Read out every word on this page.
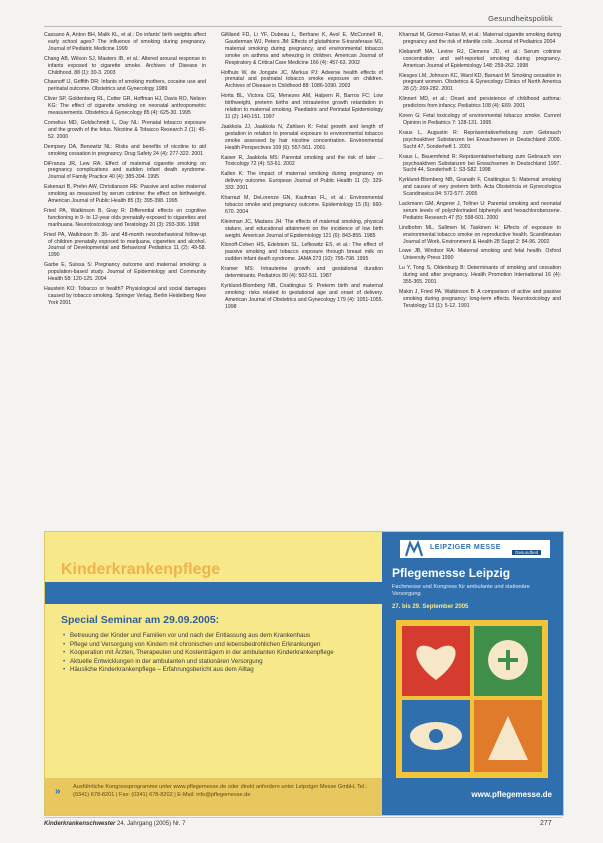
Gesundheitspolitik

Cassano A, Anton BH, Malik KL, et al.: Do infants' birth weights affect early school ages? The influence of smoking during pregnancy. Journal of Pediatric Medicine 1999

Chang AB, Wilson SJ, Masters IB, et al.: Altered arousal response in infants exposed to cigarette smoke. Archives of Disease in Childhood. 88 (1): 30-3. 2003

Chasnoff IJ, Griffith DR: Infants of smoking mothers, cocaine use and perinatal outcome. Obstetrics and Gynecology 1989

Cliver SP, Goldenberg RL, Cutter GR, Hoffman HJ, Davis RO, Nelson KG: The effect of cigarette smoking on neonatal anthropometric measurements. Obstetrics & Gynecology 85 (4): 625-30. 1995

Cornelius MD, Goldschmidt L, Day NL: Prenatal tobacco exposure and the growth of the fetus. Nicotine & Tobacco Research 2 (1): 45-52. 2000

Dempsey DA, Benowitz NL: Risks and benefits of nicotine to aid smoking cessation in pregnancy. Drug Safety 24 (4): 277-322. 2001

DiFranza JR, Lew RA: Effect of maternal cigarette smoking on pregnancy complications and sudden infant death syndrome. Journal of Family Practice 40 (4): 385-394. 1995

Eskenazi B, Prehn AW, Christianson RE: Passive and active maternal smoking as measured by serum cotinine: the effect on birthweight. American Journal of Public Health 85 (3): 395-398. 1995

Fried PA, Watkinson B, Gray R: Differential effects on cognitive functioning in 9- to 12-year olds prenatally exposed to cigarettes and marihuana. Neurotoxicology and Teratology 20 (3): 293-306. 1998

Fried PA, Watkinson B: 36- and 48-month neurobehavioral follow-up of children prenatally exposed to marijuana, cigarettes and alcohol. Journal of Developmental and Behavioral Pediatrics 11 (2): 49-58. 1990

Garbe E, Suissa S: Pregnancy outcome and maternal smoking: a population-based study. Journal of Epidemiology and Community Health 58: 120-125. 2004

Haustein KO: Tobacco or health? Physiological and social damages caused by tobacco smoking. Springer Verlag, Berlin Heidelberg New York 2001

Gilliland FD, Li YF, Dubeau L, Berhane K, Avol E, McConnell R, Gauderman WJ, Peters JM: Effects of glutathione S-transferase M1, maternal smoking during pregnancy, and environmental tobacco smoke on asthma and wheezing in children. American Journal of Respiratory & Critical Care Medicine 166 (4): 457-63. 2002

Hofhuis W, de Jongste JC, Merkus PJ: Adverse health effects of prenatal and postnatal tobacco smoke exposure on children. Archives of Disease in Childhood 88: 1086-1090. 2003

Horta BL, Victora CG, Menezes AM, Halpern R, Barros FC: Low birthweight, preterm births and intrauterine growth retardation in relation to maternal smoking. Paediatric and Perinatal Epidemiology 11 (2): 140-151. 1997

Jaakkola JJ, Jaakkola N, Zahlsen K: Fetal growth and length of gestation in relation to prenatal exposure to environmental tobacco smoke assessed by hair nicotine concentration. Environmental Health Perspectives 109 (6): 557-561. 2001

Kaiser R, Jaakkola MS: Parental smoking and the risk of later ... Toxicology 72 (4): 53-61. 2002

Kallen K: The impact of maternal smoking during pregnancy on delivery outcome. European Journal of Public Health 11 (3): 329-333. 2001

Kharrazi M, DeLorenze GN, Kaufman FL, et al.: Environmental tobacco smoke and pregnancy outcome. Epidemiology 15 (6): 660-670. 2004

Kleinman JC, Madans JH: The effects of maternal smoking, physical stature, and educational attainment on the incidence of low birth weight. American Journal of Epidemiology 121 (6): 843-855. 1985

Klonoff-Cohen HS, Edelstein SL, Lefkowitz ES, et al.: The effect of passive smoking and tobacco exposure through breast milk on sudden infant death syndrome. JAMA 273 (10): 795-798. 1995

Kramer MS: Intrauterine growth and gestational duration determinants. Pediatrics 80 (4): 502-511. 1987

Kyrklund-Blomberg NB, Cnattingius S: Preterm birth and maternal smoking: risks related to gestational age and onset of delivery. American Journal of Obstetrics and Gynecology 179 (4): 1051-1055. 1998

Kharrazi M, Gomez-Farias M, et al.: Maternal cigarette smoking during pregnancy and the risk of infantile colic. Journal of Pediatrics 2004

Klebanoff MA, Levine RJ, Clemens JD, et al.: Serum cotinine concentration and self-reported smoking during pregnancy. American Journal of Epidemiology 148: 259-262. 1998

Klesges LM, Johnson KC, Ward KD, Barnard M: Smoking cessation in pregnant women. Obstetrics & Gynecology Clinics of North America 28 (2): 269-282. 2001

Klinnert MD, et al.: Onset and persistence of childhood asthma: predictors from infancy. Pediatrics 108 (4): E69. 2001

Koren G: Fetal toxicology of environmental tobacco smoke. Current Opinion in Pediatrics 7: 128-131. 1995

Kraus L, Augustin R: Repräsentativerhebung zum Gebrauch psychoaktiver Substanzen bei Erwachsenen in Deutschland 2000. Sucht 47, Sonderheft 1. 2001

Kraus L, Bauernfeind R: Repräsentativerhebung zum Gebrauch von psychoaktiven Substanzen bei Erwachsenen in Deutschland 1997. Sucht 44, Sonderheft 1: S3-S82. 1998

Kyrklund-Blomberg NB, Granath F, Cnattingius S: Maternal smoking and causes of very preterm birth. Acta Obstetricia et Gynecologica Scandinavica 84: 572-577. 2005

Lackmann GM, Angerer J, Tollner U: Parental smoking and neonatal serum levels of polychlorinated biphenyls and hexachlorobenzene. Pediatric Research 47 (5): 598-601. 2000

Lindbohm ML, Sallmen M, Taskinen H: Effects of exposure to environmental tobacco smoke on reproductive health. Scandinavian Journal of Work, Environment & Health 28 Suppl 2: 84-96. 2002

Lowe JB, Windsor RA: Maternal smoking and fetal health. Oxford University Press 1990

Lu Y, Tong S, Oldenburg B: Determinants of smoking and cessation during and after pregnancy. Health Promotion International 16 (4): 355-365. 2001

Makin J, Fried PA, Watkinson B: A comparison of active and passive smoking during pregnancy: long-term effects. Neurotoxicology and Teratology 13 (1): 5-12. 1991

Kinderkrankenpflege
Special Seminar am 29.09.2005:
• Betreuung der Kinder und Familien vor und nach der Entlassung aus dem Krankenhaus
• Pflege und Versorgung von Kindern mit chronischen und lebensbedrohlichen Erkrankungen
• Kooperation mit Ärzten, Therapeuten und Kostenträgern in der ambulanten Kinderkrankenpflege
• Aktuelle Entwicklungen in der ambulanten und stationären Versorgung
• Häusliche Kinderkrankenpflege – Erfahrungsbericht aus dem Alltag
» Ausführliche Kongressprogramme unter www.pflegemesse.de oder direkt anfordern unter Leipziger Messe GmbH, Tel.: (0341) 678-8201 | Fax: (0341) 678-8202 | E-Mail: info@pflegemesse.de
LEIPZIGER MESSE
Gesundheit
Pflegemesse Leipzig
Fachmesse und Kongress für ambulante und stationäre Versorgung
27. bis 29. September 2005
www.pflegemesse.de
Kinderkrankenschwester 24. Jahrgang (2005) Nr. 7	277
